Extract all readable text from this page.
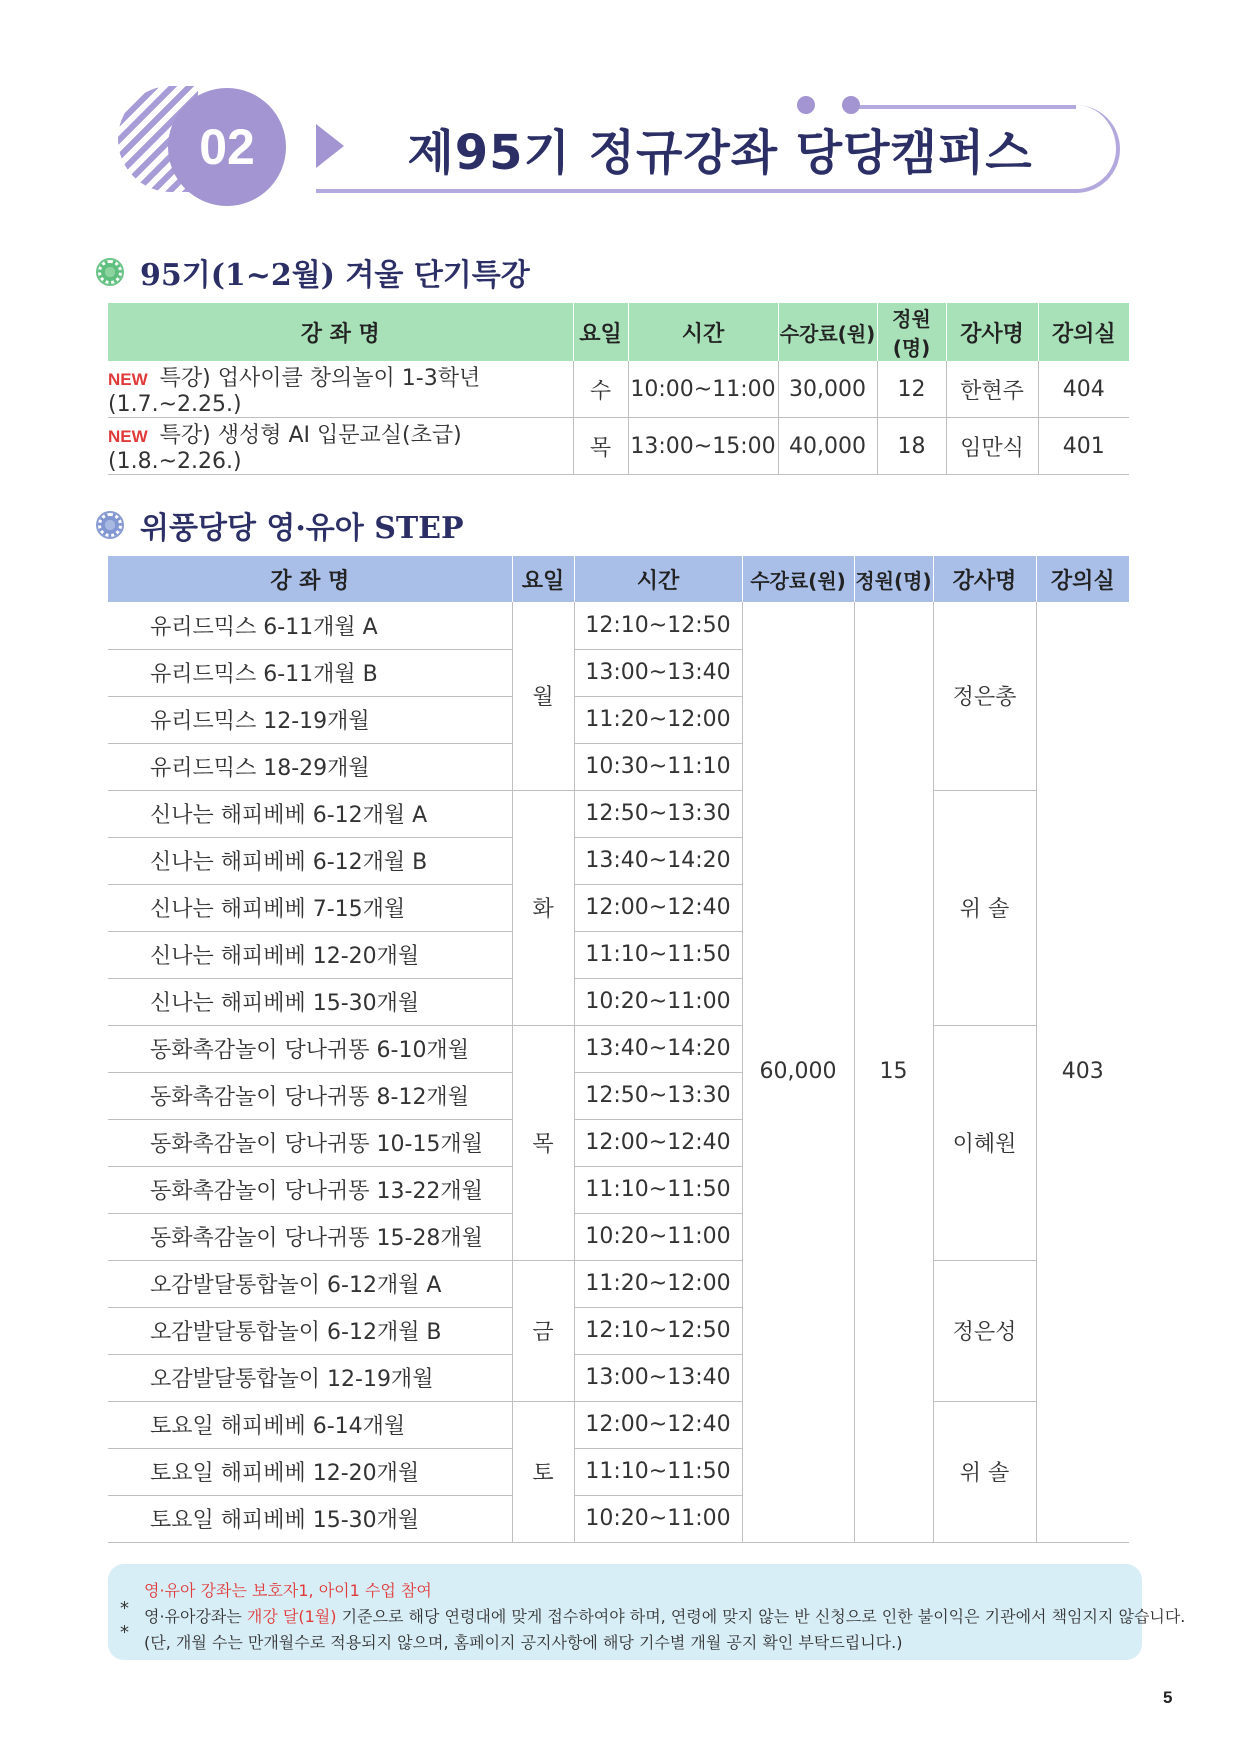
02	제95기 정규강좌 당당캠퍼스
95기(1~2월) 겨울 단기특강
강 좌 명	요일	시간	수강료(원)	정원(명)	강사명	강의실
NEW 특강) 업사이클 창의놀이 1-3학년(1.7.~2.25.)	수	10:00~11:00	30,000	12	한현주	404
NEW 특강) 생성형 AI 입문교실(초급)(1.8.~2.26.)	목	13:00~15:00	40,000	18	임만식	401
위풍당당 영·유아 STEP
강 좌 명	요일	시간	수강료(원)	정원(명)	강사명	강의실
유리드믹스 6-11개월 A	월	12:10~12:50	60,000	15	정은총	403
유리드믹스 6-11개월 B		13:00~13:40				
유리드믹스 12-19개월		11:20~12:00				
유리드믹스 18-29개월		10:30~11:10				
신나는 해피베베 6-12개월 A	화	12:50~13:30			위 솔	
신나는 해피베베 6-12개월 B		13:40~14:20				
신나는 해피베베 7-15개월		12:00~12:40				
신나는 해피베베 12-20개월		11:10~11:50				
신나는 해피베베 15-30개월		10:20~11:00				
동화촉감놀이 당나귀똥 6-10개월	목	13:40~14:20			이혜원	
동화촉감놀이 당나귀똥 8-12개월		12:50~13:30				
동화촉감놀이 당나귀똥 10-15개월		12:00~12:40				
동화촉감놀이 당나귀똥 13-22개월		11:10~11:50				
동화촉감놀이 당나귀똥 15-28개월		10:20~11:00				
오감발달통합놀이 6-12개월 A	금	11:20~12:00			정은성	
오감발달통합놀이 6-12개월 B		12:10~12:50				
오감발달통합놀이 12-19개월		13:00~13:40				
토요일 해피베베 6-14개월	토	12:00~12:40			위 솔	
토요일 해피베베 12-20개월		11:10~11:50				
토요일 해피베베 15-30개월		10:20~11:00				
*
*
영·유아 강좌는 보호자1, 아이1 수업 참여
영·유아강좌는 개강 달(1월) 기준으로 해당 연령대에 맞게 접수하여야 하며, 연령에 맞지 않는 반 신청으로 인한 불이익은 기관에서 책임지지 않습니다.
(단, 개월 수는 만개월수로 적용되지 않으며, 홈페이지 공지사항에 해당 기수별 개월 공지 확인 부탁드립니다.)
5
